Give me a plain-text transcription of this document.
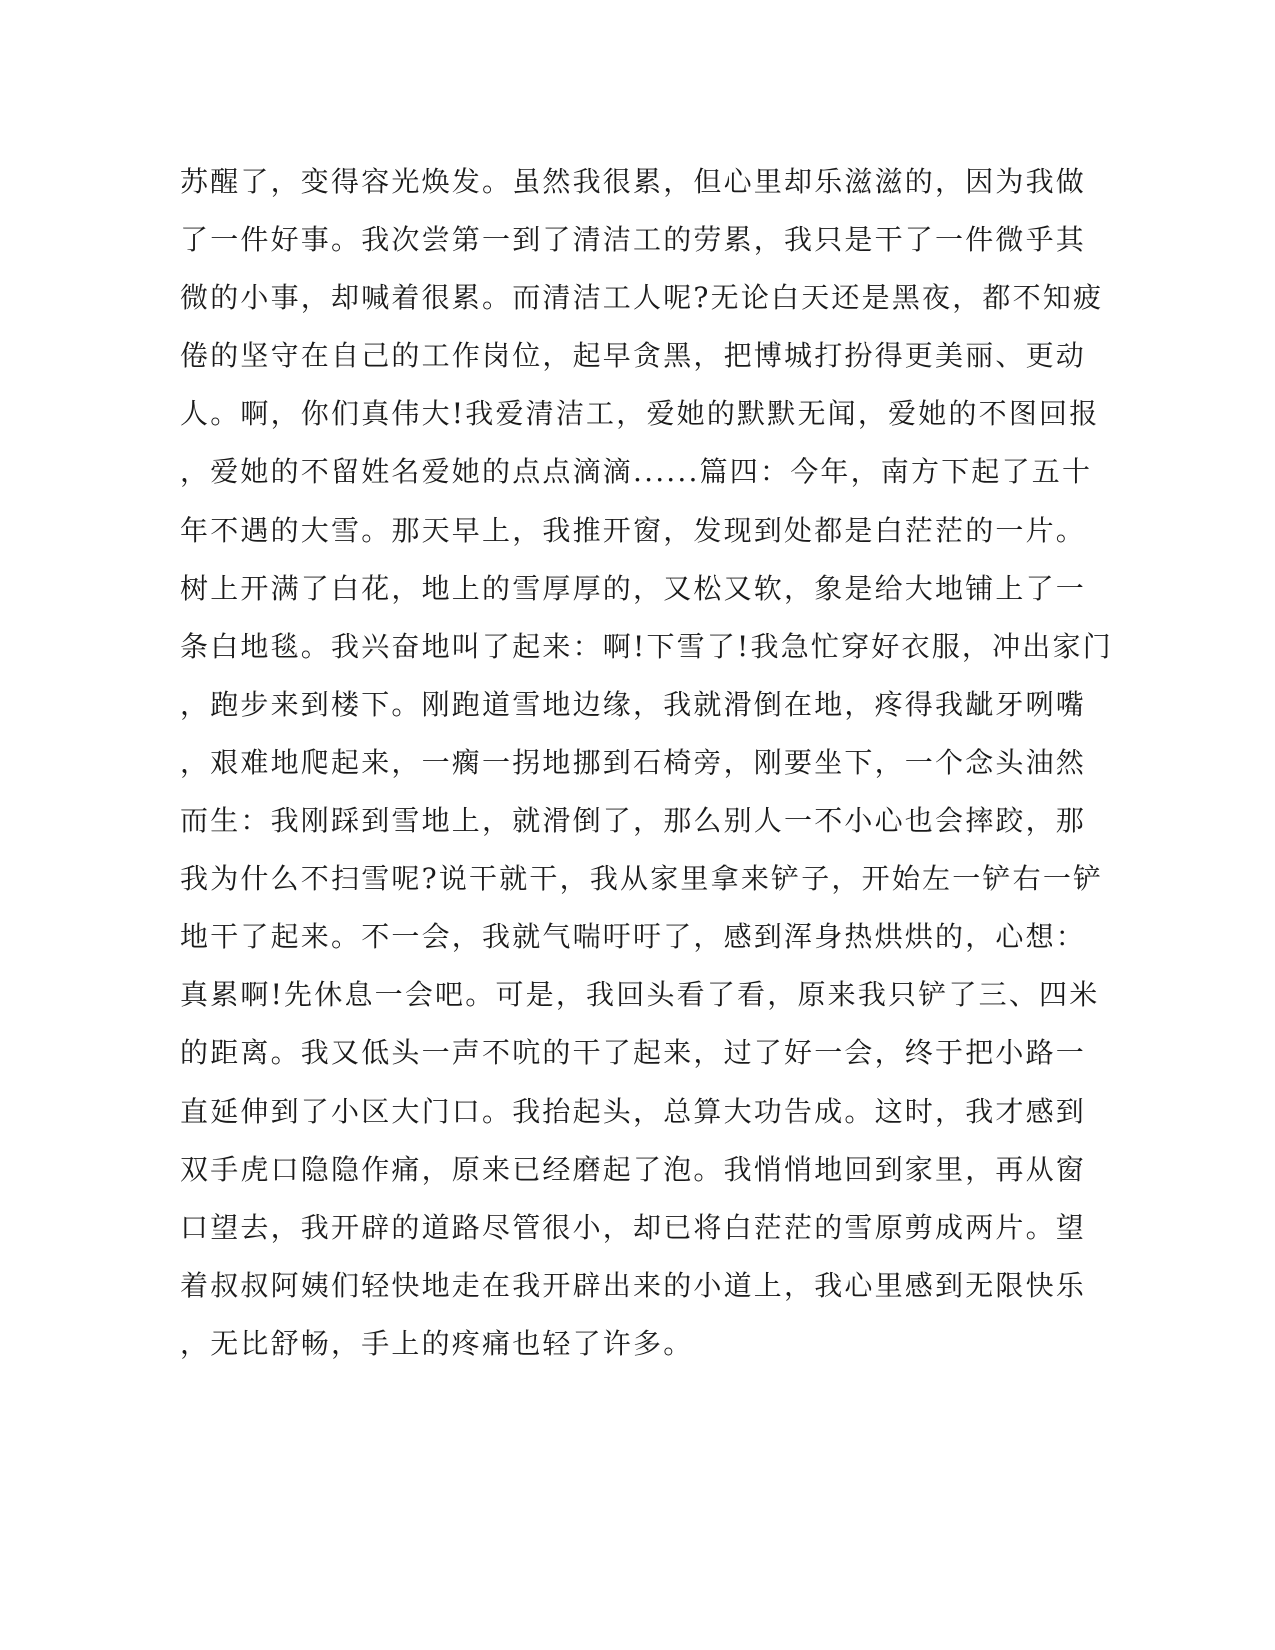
苏醒了，变得容光焕发。虽然我很累，但心里却乐滋滋的，因为我做
了一件好事。我次尝第一到了清洁工的劳累，我只是干了一件微乎其
微的小事，却喊着很累。而清洁工人呢?无论白天还是黑夜，都不知疲
倦的坚守在自己的工作岗位，起早贪黑，把博城打扮得更美丽、更动
人。啊，你们真伟大!我爱清洁工，爱她的默默无闻，爱她的不图回报
，爱她的不留姓名爱她的点点滴滴......篇四：今年，南方下起了五十
年不遇的大雪。那天早上，我推开窗，发现到处都是白茫茫的一片。
树上开满了白花，地上的雪厚厚的，又松又软，象是给大地铺上了一
条白地毯。我兴奋地叫了起来：啊!下雪了!我急忙穿好衣服，冲出家门
，跑步来到楼下。刚跑道雪地边缘，我就滑倒在地，疼得我龇牙咧嘴
，艰难地爬起来，一瘸一拐地挪到石椅旁，刚要坐下，一个念头油然
而生：我刚踩到雪地上，就滑倒了，那么别人一不小心也会摔跤，那
我为什么不扫雪呢?说干就干，我从家里拿来铲子，开始左一铲右一铲
地干了起来。不一会，我就气喘吁吁了，感到浑身热烘烘的，心想：
真累啊!先休息一会吧。可是，我回头看了看，原来我只铲了三、四米
的距离。我又低头一声不吭的干了起来，过了好一会，终于把小路一
直延伸到了小区大门口。我抬起头，总算大功告成。这时，我才感到
双手虎口隐隐作痛，原来已经磨起了泡。我悄悄地回到家里，再从窗
口望去，我开辟的道路尽管很小，却已将白茫茫的雪原剪成两片。望
着叔叔阿姨们轻快地走在我开辟出来的小道上，我心里感到无限快乐
，无比舒畅，手上的疼痛也轻了许多。
